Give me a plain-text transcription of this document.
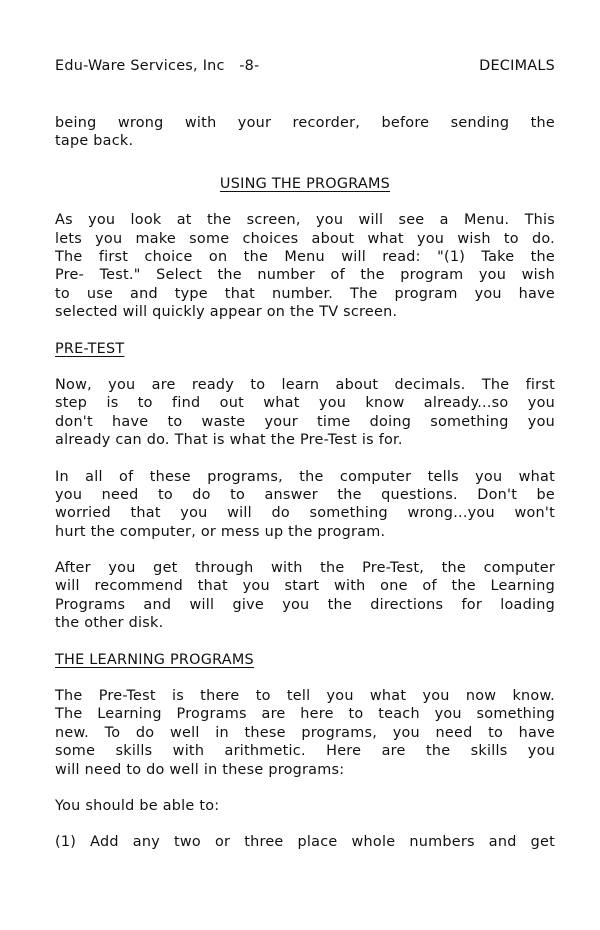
Edu-Ware Services, Inc   -8-	DECIMALS
being wrong with your recorder, before sending the
tape back.
USING THE PROGRAMS
As you look at the screen, you will see a Menu. This
lets you make some choices about what you wish to do.
The first choice on the Menu will read: "(1) Take the
Pre- Test." Select the number of the program you wish
to use and type that number. The program you have
selected will quickly appear on the TV screen.
PRE-TEST
Now, you are ready to learn about decimals. The first
step is to find out what you know already...so you
don't have to waste your time doing something you
already can do. That is what the Pre-Test is for.
In all of these programs, the computer tells you what
you need to do to answer the questions. Don't be
worried that you will do something wrong...you won't
hurt the computer, or mess up the program.
After you get through with the Pre-Test, the computer
will recommend that you start with one of the Learning
Programs and will give you the directions for loading
the other disk.
THE LEARNING PROGRAMS
The Pre-Test is there to tell you what you now know.
The Learning Programs are here to teach you something
new. To do well in these programs, you need to have
some skills with arithmetic. Here are the skills you
will need to do well in these programs:
You should be able to:
(1) Add any two or three place whole numbers and get
